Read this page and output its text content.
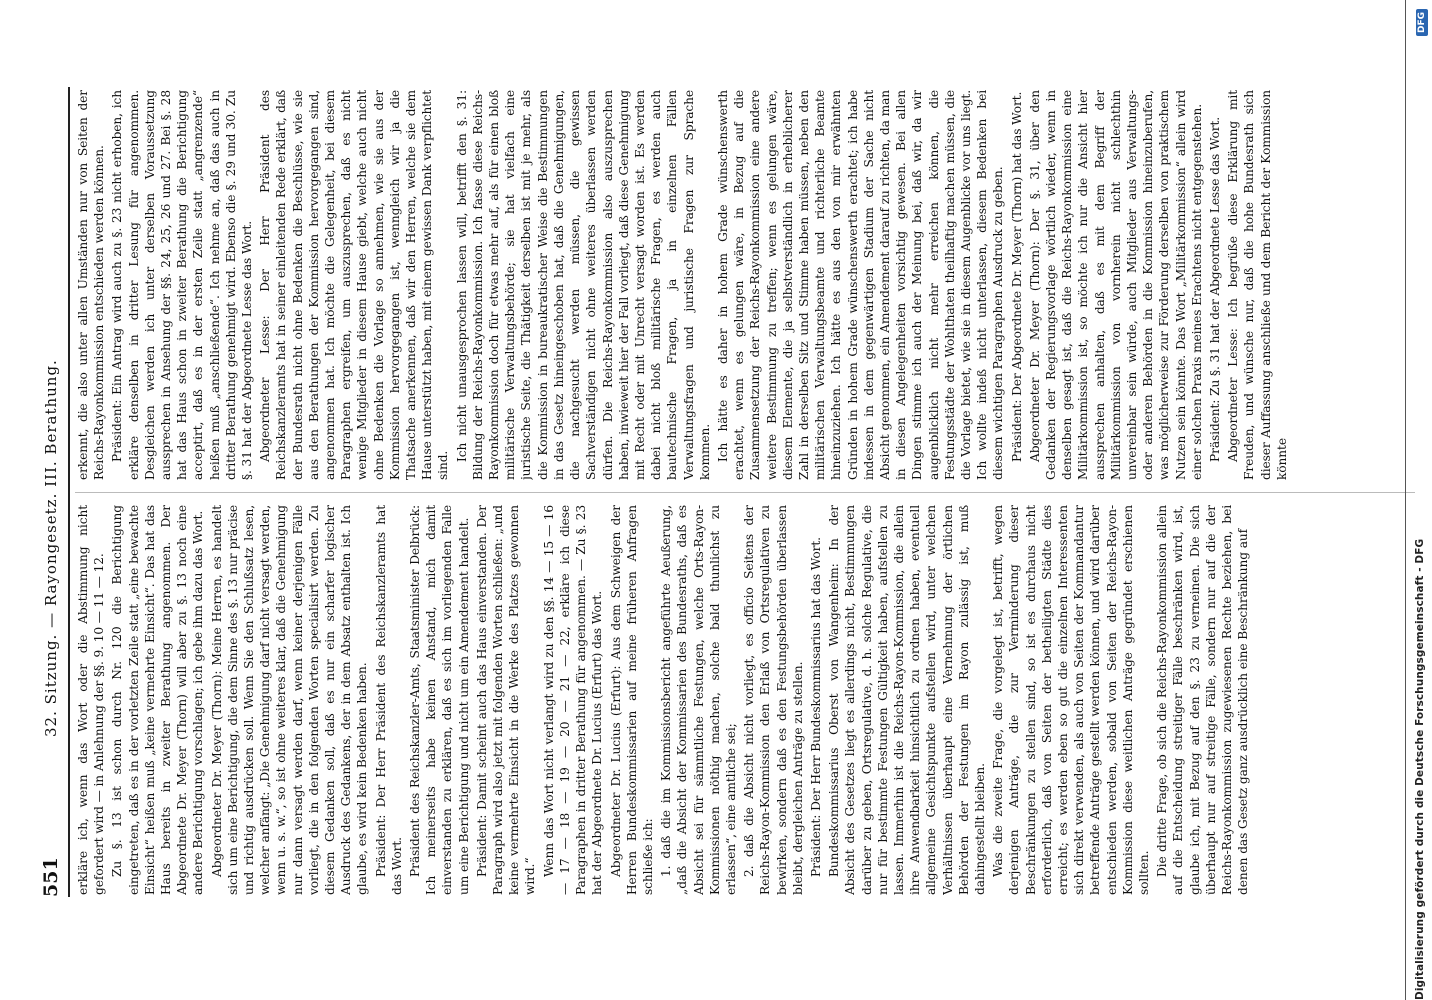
551
32. Sitzung. — Rayongesetz. III. Berathung. erkläre ich, wenn das Wort oder die Abstimmung nicht gefordert wird — in Anlehnung der §§. 9. 10 — 11 — 12. Zu §. 13 ist schon durch Nr. 120 die Berichtigung eingetreten, daß es in der vorletzten Zeile statt „eine bewachte Einsicht“ heißen muß „keine vermehrte Einsicht“. Das hat das Haus bereits in zweiter Berathung angenommen. Der Abgeordnete Dr. Meyer (Thorn) will aber zu §. 13 noch eine andere Berichtigung vorschlagen; ich gebe ihm dazu das Wort. Abgeordneter Dr. Meyer (Thorn): Meine Herren, es handelt sich um eine Berichtigung, die dem Sinne des §. 13 nur präcise und richtig ausdrücken soll. Wenn Sie den Schlußsatz lesen, welcher anfängt: „Die Genehmigung darf nicht versagt werden, wenn u. s. w.“, so ist ohne weiteres klar, daß die Genehmigung nur dann versagt werden darf, wenn keiner derjenigen Fälle vorliegt, die in den folgenden Worten specialisirt werden. Zu diesem Gedanken soll, daß es nur ein scharfer logischer Ausdruck des Gedankens, der in dem Absatz enthalten ist. Ich glaube, es wird kein Bedenken haben. Präsident: Der Herr Präsident des Reichskanzleramts hat das Wort. Präsident des Reichskanzler-Amts, Staatsminister Delbrück: Ich meinerseits habe keinen Anstand, mich damit einverstanden zu erklären, daß es sich im vorliegenden Falle um eine Berichtigung und nicht um ein Amendement handelt. Präsident: Damit scheint auch das Haus einverstanden. Der Paragraph wird also jetzt mit folgenden Worten schließen: „und keine vermehrte Einsicht in die Werke des Platzes gewonnen wird.“ Wenn das Wort nicht verlangt wird zu den §§. 14 — 15 — 16 — 17 — 18 — 19 — 20 — 21 — 22, erkläre ich diese Paragraphen in dritter Berathung für angenommen. — Zu §. 23 hat der Abgeordnete Dr. Lucius (Erfurt) das Wort. Abgeordneter Dr. Lucius (Erfurt): Aus dem Schweigen der Herren Bundeskommissarien auf meine früheren Anfragen schließe ich: 1. daß die im Kommissionsbericht angeführte Aeußerung, „daß die Absicht der Kommissarien des Bundesraths, daß es Absicht sei für sämmtliche Festungen, welche Orts-Rayon-Kommissionen nöthig machen, solche bald thunlichst zu erlassen“, eine amtliche sei; 2. daß die Absicht nicht vorliegt, es officio Seitens der Reichs-Rayon-Kommission den Erlaß von Ortsregulativen zu bewirken, sondern daß es den Festungsbehörden überlassen bleibt, dergleichen Anträge zu stellen. Präsident: Der Herr Bundeskommissarius hat das Wort. Bundeskommissarius Oberst von Wangenheim: In der Absicht des Gesetzes liegt es allerdings nicht, Bestimmungen darüber zu geben, Ortsregulative, d. h. solche Regulative, die nur für bestimmte Festungen Gültigkeit haben, aufstellen zu lassen. Immerhin ist die Reichs-Rayon-Kommission, die allein ihre Anwendbarkeit hinsichtlich zu ordnen haben, eventuell allgemeine Gesichtspunkte aufstellen wird, unter welchen Verhältnissen überhaupt eine Vernehmung der örtlichen Behörden der Festungen im Rayon zulässig ist, muß dahingestellt bleiben. Was die zweite Frage, die vorgelegt ist, betrifft, wegen derjenigen Anträge, die zur Verminderung dieser Beschränkungen zu stellen sind, so ist es durchaus nicht erforderlich, daß von Seiten der betheiligten Städte dies erreicht; es werden eben so gut die einzelnen Interessenten sich direkt verwenden, als auch von Seiten der Kommandantur betreffende Anträge gestellt werden können, und wird darüber entschieden werden, sobald von Seiten der Reichs-Rayon-Kommission diese weitlichen Anträge gegründet erschienen sollten. Die dritte Frage, ob sich die Reichs-Rayonkommission allein auf die Entscheidung streitiger Fälle beschränken wird, ist, glaube ich, mit Bezug auf den §. 23 zu verneinen. Die sich überhaupt nur auf streitige Fälle, sondern nur auf die der Reichs-Rayonkommission zugewiesenen Rechte beziehen, bei denen das Gesetz ganz ausdrücklich eine Beschränkung auf

erkennt, die also unter allen Umständen nur von Seiten der Reichs-Rayonkommission entschieden werden können. Präsident: Ein Antrag wird auch zu §. 23 nicht erhoben, ich erkläre denselben in dritter Lesung für angenommen. Desgleichen werden ich unter derselben Voraussetzung aussprechen in Ansehung der §§. 24, 25, 26 und 27. Bei §. 28 hat das Haus schon in zweiter Berathung die Berichtigung acceptirt, daß es in der ersten Zeile statt „angrenzende“ heißen muß „anschließende“. Ich nehme an, daß das auch in dritter Berathung genehmigt wird. Ebenso die §. 29 und 30. Zu §. 31 hat der Abgeordnete Lesse das Wort. Abgeordneter Lesse: Der Herr Präsident des Reichskanzleramts hat in seiner einleitenden Rede erklärt, daß der Bundesrath nicht ohne Bedenken die Beschlüsse, wie sie aus den Berathungen der Kommission hervorgegangen sind, angenommen hat. Ich möchte die Gelegenheit, bei diesem Paragraphen ergreifen, um auszusprechen, daß es nicht wenige Mitglieder in diesem Hause giebt, welche auch nicht ohne Bedenken die Vorlage so annehmen, wie sie aus der Kommission hervorgegangen ist, wenngleich wir ja die Thatsache anerkennen, daß wir den Herren, welche sie dem Hause unterstützt haben, mit einem gewissen Dank verpflichtet sind.

Ich nicht unausgesprochen lassen will, betrifft den §. 31: Bildung der Reichs-Rayonkommission. Ich fasse diese Reichs-Rayonkommission doch für etwas mehr auf, als für einen bloß militärische Verwaltungsbehörde; sie hat vielfach eine juristische Seite, die Thätigkeit derselben ist mit je mehr, als die Kommission in bureaukratischer Weise die Bestimmungen in das Gesetz hineingeschoben hat, daß die Genehmigungen, die nachgesucht werden müssen, die gewissen Sachverständigen nicht ohne weiteres überlassen werden dürfen. Die Reichs-Rayonkommission also auszusprechen haben, inwieweit hier der Fall vorliegt, daß diese Genehmigung mit Recht oder mit Unrecht versagt worden ist. Es werden dabei nicht bloß militärische Fragen, es werden auch bautechnische Fragen, ja in einzelnen Fällen Verwaltungsfragen und juristische Fragen zur Sprache kommen. Ich hätte es daher in hohem Grade wünschenswerth erachtet, wenn es gelungen wäre, in Bezug auf die Zusammensetzung der Reichs-Rayonkommission eine andere weitere Bestimmung zu treffen; wenn es gelungen wäre, diesem Elemente, die ja selbstverständlich in erheblicherer Zahl in derselben Sitz und Stimme haben müssen, neben den militärischen Verwaltungsbeamte und richterliche Beamte hineinzuziehen. Ich hätte es aus den von mir erwähnten Gründen in hohem Grade wünschenswerth erachtet; ich habe indessen in dem gegenwärtigen Stadium der Sache nicht Absicht genommen, ein Amendement darauf zu richten, da man in diesen Angelegenheiten vorsichtig gewesen. Bei allen Dingen stimme ich auch der Meinung bei, daß wir, da wir augenblicklich nicht mehr erreichen können, die Festungsstädte der Wohlthaten theilhaftig machen müssen, die die Vorlage bietet, wie sie in diesem Augenblicke vor uns liegt. Ich wollte indeß nicht unterlassen, diesem Bedenken bei diesem wichtigen Paragraphen Ausdruck zu geben. Präsident: Der Abgeordnete Dr. Meyer (Thorn) hat das Wort. Abgeordneter Dr. Meyer (Thorn): Der §. 31, über den Gedanken der Regierungsvorlage wörtlich wieder, wenn in denselben gesagt ist, daß die Reichs-Rayonkommission eine Militärkommission ist, so möchte ich nur die Ansicht hier aussprechen anhalten, daß es mit dem Begriff der Militärkommission von vornherein nicht schlechthin unvereinbar sein würde, auch Mitglieder aus Verwaltungs- oder anderen Behörden in die Kommission hineinzuberufen, was möglicherweise zur Förderung derselben von praktischem Nutzen sein könnte. Das Wort „Militärkommission“ allein wird einer solchen Praxis meines Erachtens nicht entgegenstehen. Präsident: Zu §. 31 hat der Abgeordnete Lesse das Wort. Abgeordneter Lesse: Ich begrüße diese Erklärung mit Freuden, und wünsche nur, daß die hohe Bundesrath sich dieser Auffassung anschließe und dem Bericht der Kommission könnte

Digitalisierung gefördert durch die Deutsche Forschungsgemeinschaft - DFG
DFG
